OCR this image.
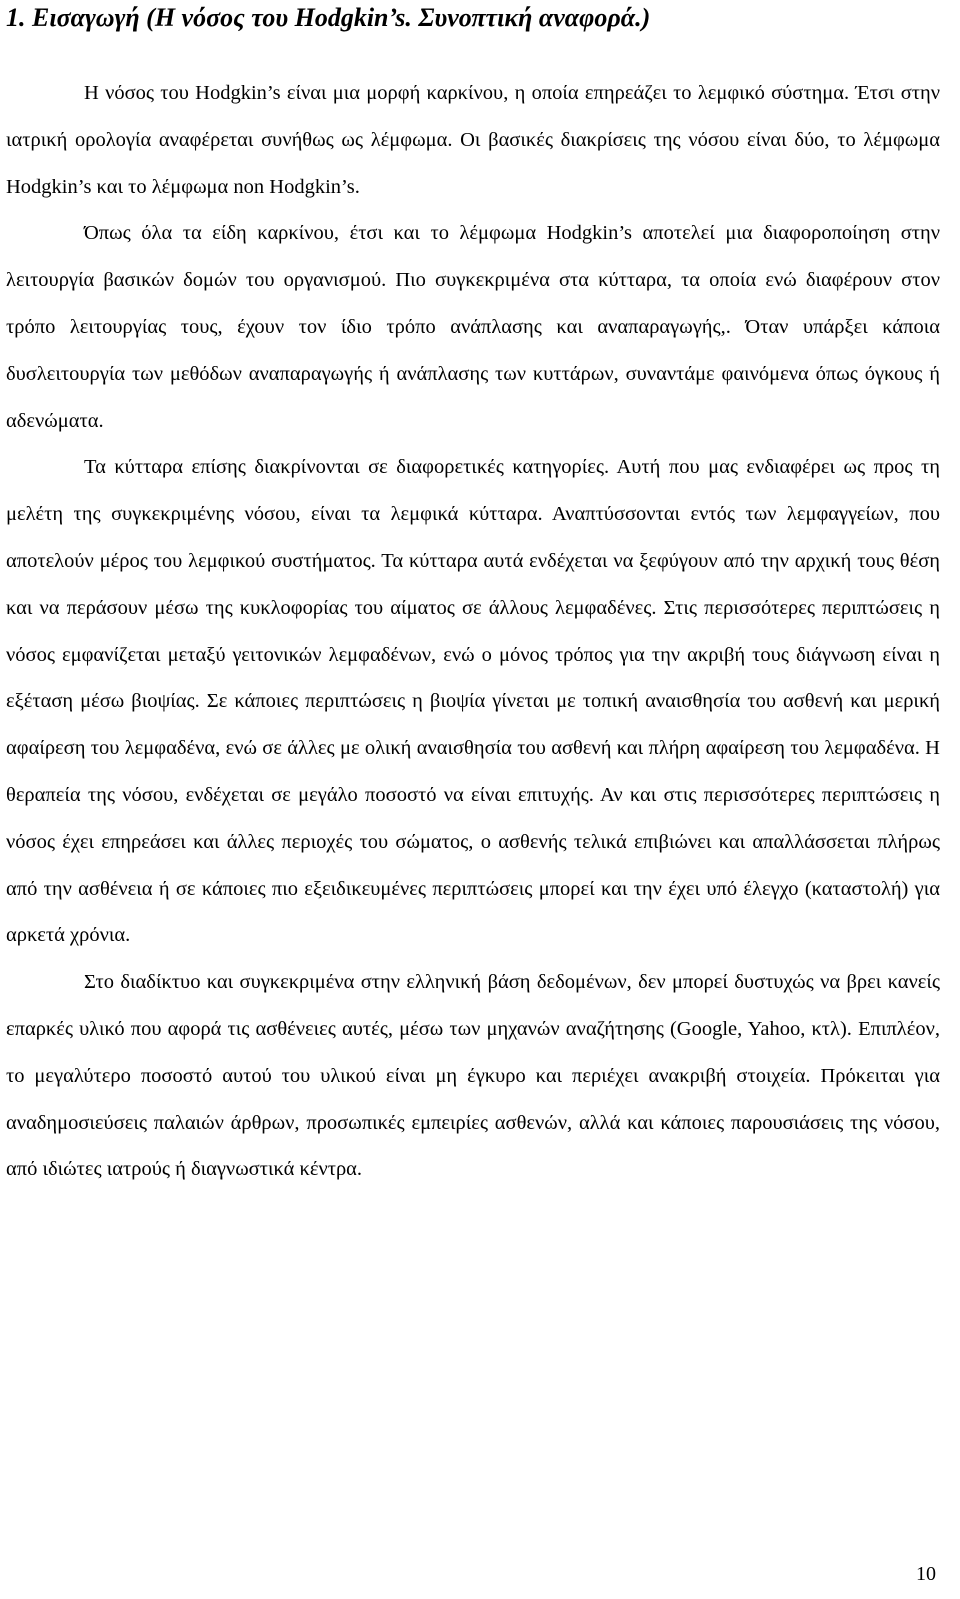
1. Εισαγωγή (Η νόσος του Hodgkin’s. Συνοπτική αναφορά.)

Η νόσος του Hodgkin’s είναι μια μορφή καρκίνου, η οποία επηρεάζει το λεμφικό σύστημα. Έτσι στην ιατρική ορολογία αναφέρεται συνήθως ως λέμφωμα. Οι βασικές διακρίσεις της νόσου είναι δύο, το λέμφωμα Hodgkin’s και το λέμφωμα non Hodgkin’s.

Όπως όλα τα είδη καρκίνου, έτσι και το λέμφωμα Hodgkin’s αποτελεί μια διαφοροποίηση στην λειτουργία βασικών δομών του οργανισμού. Πιο συγκεκριμένα στα κύτταρα, τα οποία ενώ διαφέρουν στον τρόπο λειτουργίας τους, έχουν τον ίδιο τρόπο ανάπλασης και αναπαραγωγής,. Όταν υπάρξει κάποια δυσλειτουργία των μεθόδων αναπαραγωγής ή ανάπλασης των κυττάρων, συναντάμε φαινόμενα όπως όγκους ή αδενώματα.

Τα κύτταρα επίσης διακρίνονται σε διαφορετικές κατηγορίες. Αυτή που μας ενδιαφέρει ως προς τη μελέτη της συγκεκριμένης νόσου, είναι τα λεμφικά κύτταρα. Αναπτύσσονται εντός των λεμφαγγείων, που αποτελούν μέρος του λεμφικού συστήματος. Τα κύτταρα αυτά ενδέχεται να ξεφύγουν από την αρχική τους θέση και να περάσουν μέσω της κυκλοφορίας του αίματος σε άλλους λεμφαδένες. Στις περισσότερες περιπτώσεις η νόσος εμφανίζεται μεταξύ γειτονικών λεμφαδένων, ενώ ο μόνος τρόπος για την ακριβή τους διάγνωση είναι η εξέταση μέσω βιοψίας. Σε κάποιες περιπτώσεις η βιοψία γίνεται με τοπική αναισθησία του ασθενή και μερική αφαίρεση του λεμφαδένα, ενώ σε άλλες με ολική αναισθησία του ασθενή και πλήρη αφαίρεση του λεμφαδένα. Η θεραπεία της νόσου, ενδέχεται σε μεγάλο ποσοστό να είναι επιτυχής. Αν και στις περισσότερες περιπτώσεις η νόσος έχει επηρεάσει και άλλες περιοχές του σώματος, ο ασθενής τελικά επιβιώνει και απαλλάσσεται πλήρως από την ασθένεια ή σε κάποιες πιο εξειδικευμένες περιπτώσεις μπορεί και την έχει υπό έλεγχο (καταστολή) για αρκετά χρόνια.

Στο διαδίκτυο και συγκεκριμένα στην ελληνική βάση δεδομένων, δεν μπορεί δυστυχώς να βρει κανείς επαρκές υλικό που αφορά τις ασθένειες αυτές, μέσω των μηχανών αναζήτησης (Google, Yahoo, κτλ). Επιπλέον, το μεγαλύτερο ποσοστό αυτού του υλικού είναι μη έγκυρο και περιέχει ανακριβή στοιχεία. Πρόκειται για αναδημοσιεύσεις παλαιών άρθρων, προσωπικές εμπειρίες ασθενών, αλλά και κάποιες παρουσιάσεις της νόσου, από ιδιώτες ιατρούς ή διαγνωστικά κέντρα.

10
